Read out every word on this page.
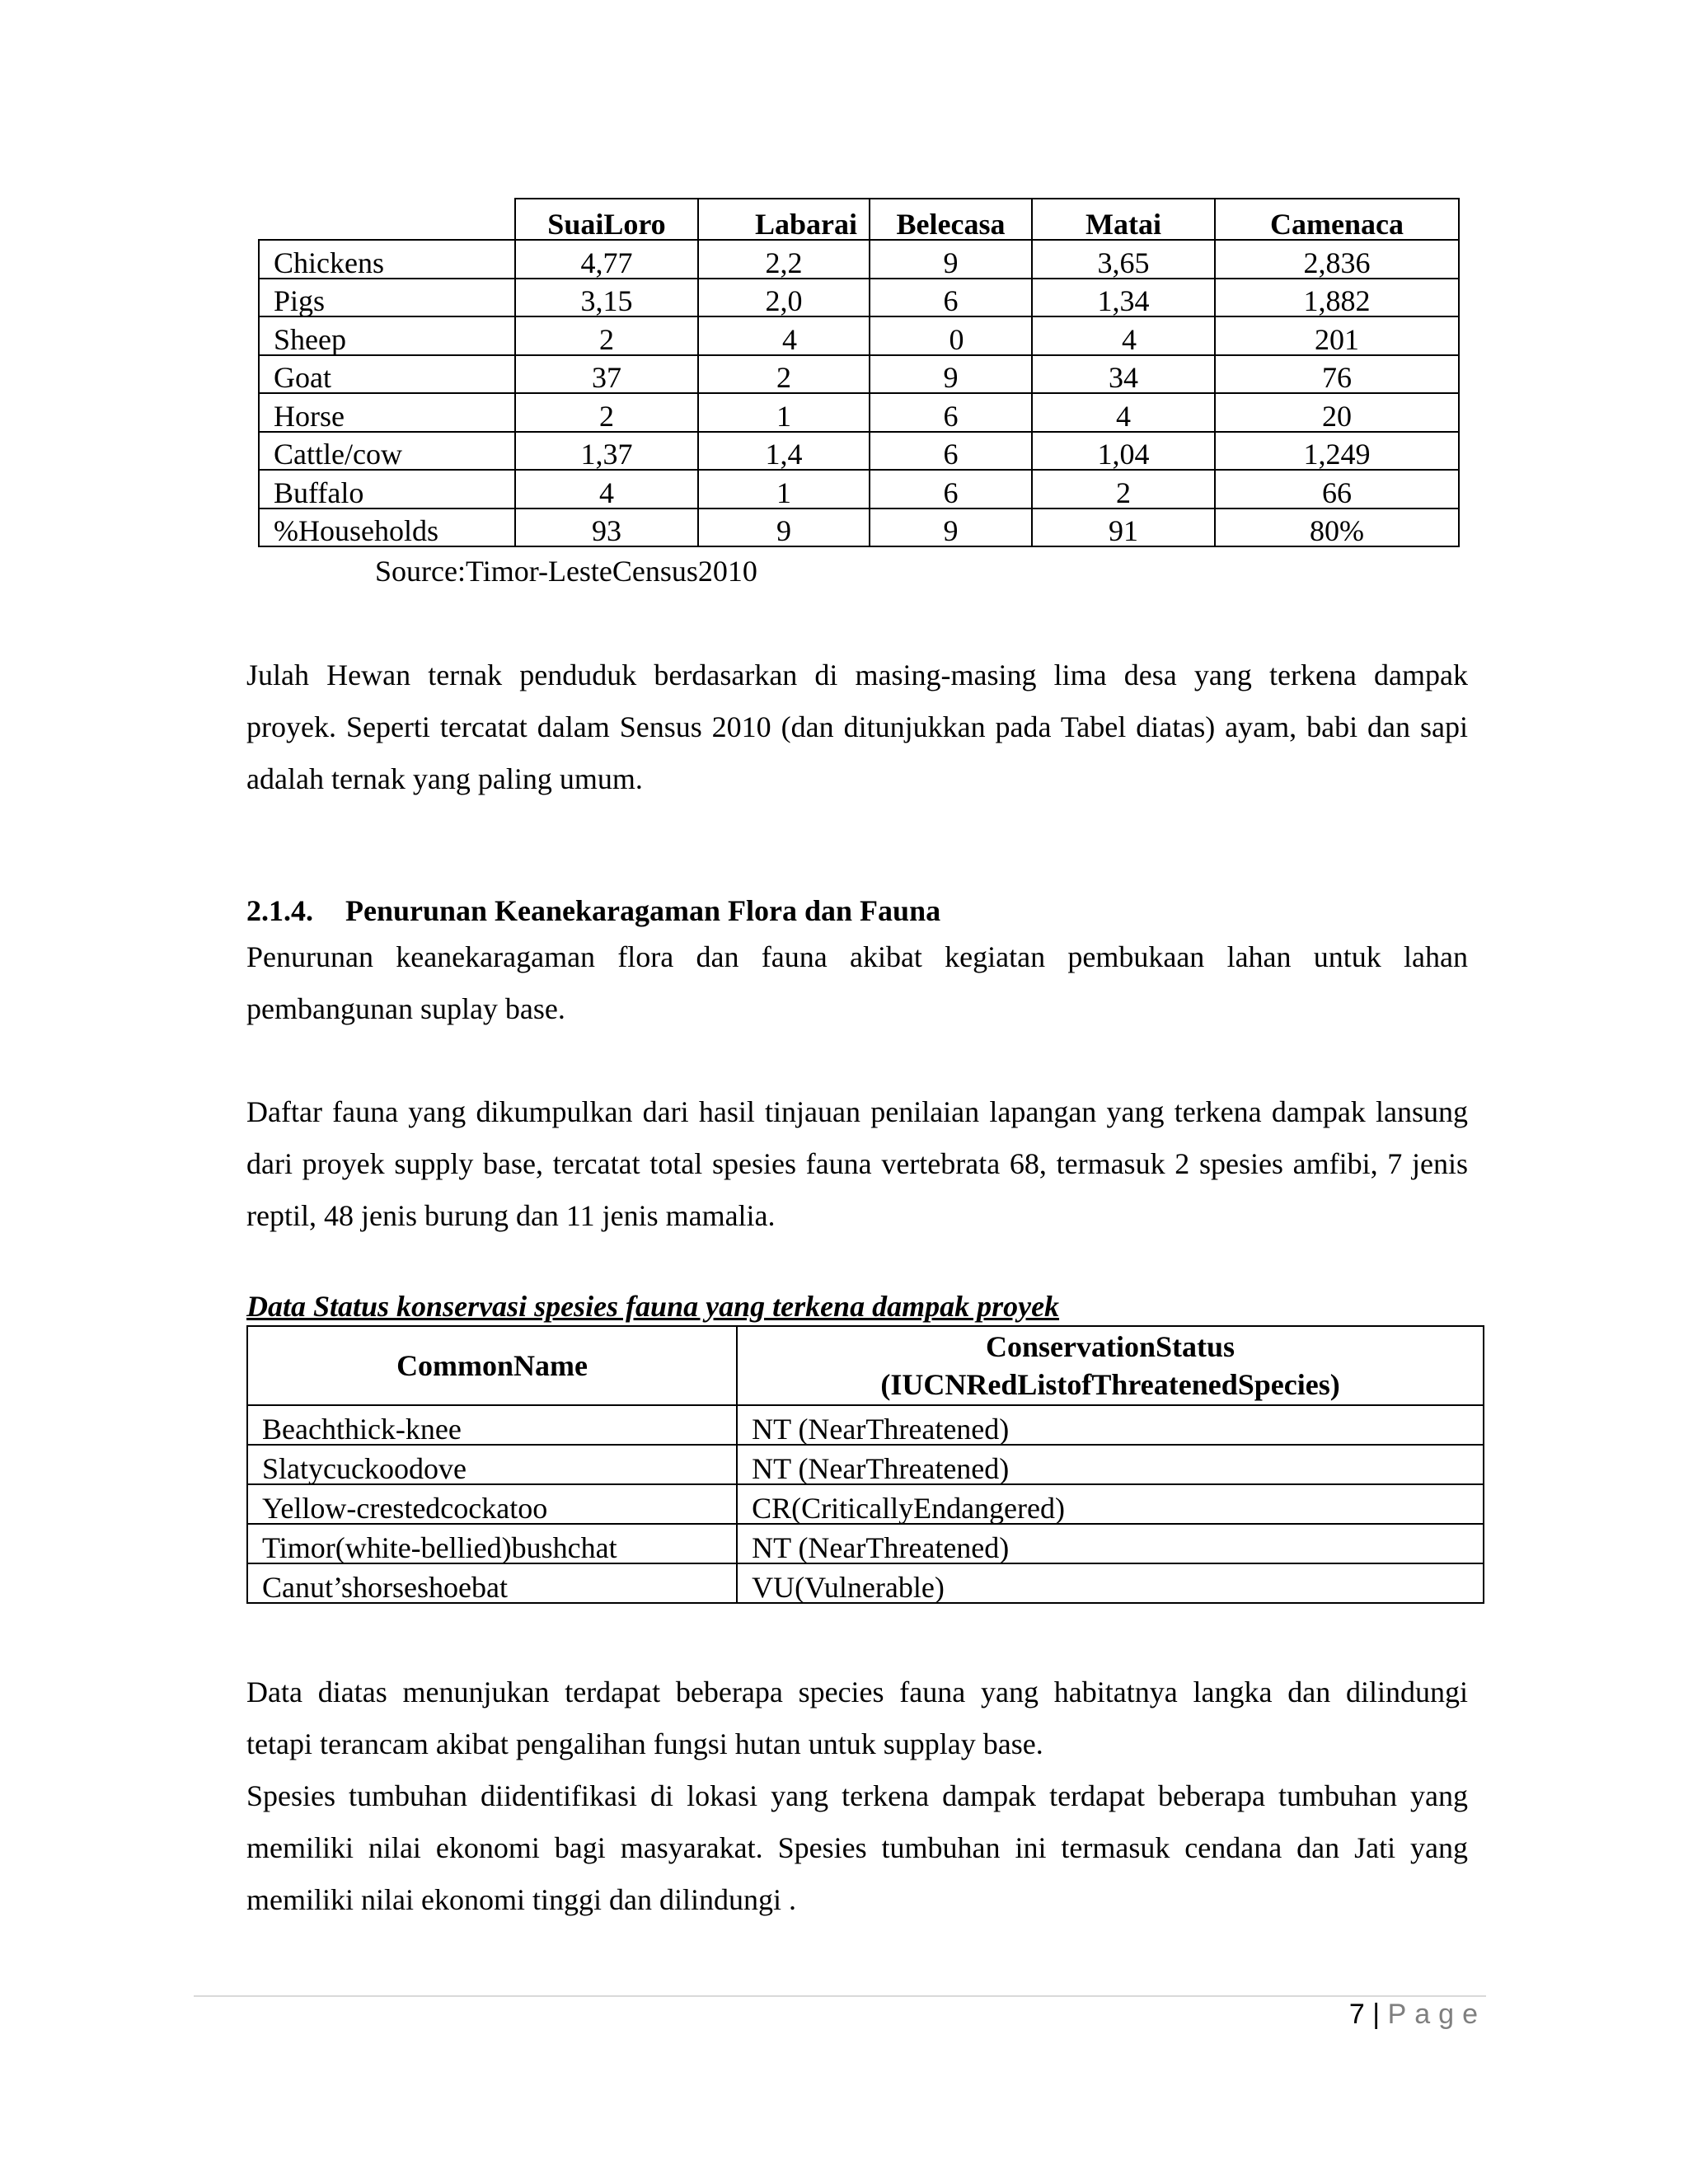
	SuaiLoro	Labarai	Belecasa	Matai	Camenaca
Chickens	4,77	2,2	9	3,65	2,836
Pigs	3,15	2,0	6	1,34	1,882
Sheep	2	4	0	4	201
Goat	37	2	9	34	76
Horse	2	1	6	4	20
Cattle/cow	1,37	1,4	6	1,04	1,249
Buffalo	4	1	6	2	66
%Households	93	9	9	91	80%
Source:Timor-LesteCensus2010
Julah Hewan ternak penduduk berdasarkan di masing-masing lima desa yang terkena dampak
proyek. Seperti tercatat dalam Sensus 2010 (dan ditunjukkan pada Tabel diatas) ayam, babi dan sapi
adalah ternak yang paling umum.
2.1.4. Penurunan Keanekaragaman Flora dan Fauna
Penurunan keanekaragaman flora dan fauna akibat kegiatan pembukaan lahan untuk lahan
pembangunan suplay base.
Daftar fauna yang dikumpulkan dari hasil tinjauan penilaian lapangan yang terkena dampak lansung
dari proyek supply base, tercatat total spesies fauna vertebrata 68, termasuk 2 spesies amfibi, 7 jenis
reptil, 48 jenis burung dan 11 jenis mamalia.
Data Status konservasi spesies fauna yang terkena dampak proyek
CommonName	ConservationStatus
(IUCNRedListofThreatenedSpecies)
Beachthick-knee	NT (NearThreatened)
Slatycuckoodove	NT (NearThreatened)
Yellow-crestedcockatoo	CR(CriticallyEndangered)
Timor(white-bellied)bushchat	NT (NearThreatened)
Canut’shorseshoebat	VU(Vulnerable)
Data diatas menunjukan terdapat beberapa species fauna yang habitatnya langka dan dilindungi
tetapi terancam akibat pengalihan fungsi hutan untuk supplay base.
Spesies tumbuhan diidentifikasi di lokasi yang terkena dampak terdapat beberapa tumbuhan yang
memiliki nilai ekonomi bagi masyarakat. Spesies tumbuhan ini termasuk cendana dan Jati yang
memiliki nilai ekonomi tinggi dan dilindungi .
7 | Page
